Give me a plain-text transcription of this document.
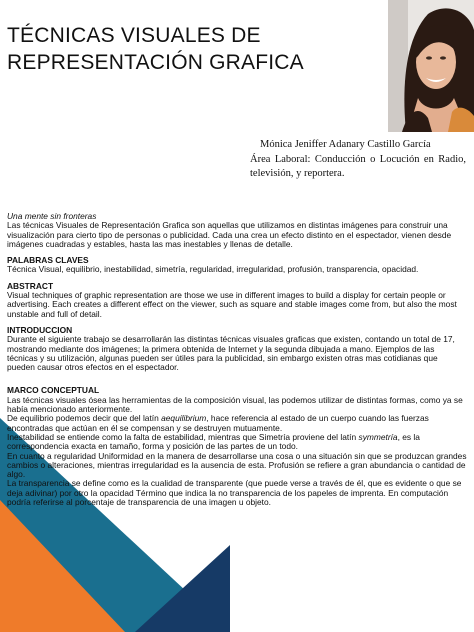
TÉCNICAS VISUALES DE
REPRESENTACIÓN GRAFICA
Mónica Jeniffer Adanary Castillo García
Área Laboral: Conducción o Locución en Radio, televisión, y reportera.

Una mente sin fronteras

Las técnicas Visuales de Representación Grafica son aquellas que utilizamos en distintas imágenes para construir una visualización para cierto tipo de personas o publicidad. Cada una crea un efecto distinto en el espectador, vienen desde imágenes cuadradas y estables, hasta las mas inestables y llenas de detalle.

PALABRAS CLAVES

Técnica Visual, equilibrio, inestabilidad, simetría, regularidad, irregularidad, profusión, transparencia, opacidad.

ABSTRACT

Visual techniques of graphic representation are those we use in different images to build a display for certain people or advertising. Each creates a different effect on the viewer, such as square and stable images come from, but also the most unstable and full of detail.

INTRODUCCION

Durante el siguiente trabajo se desarrollarán las distintas técnicas visuales graficas que existen, contando un total de 17, mostrando mediante dos imágenes; la primera obtenida de Internet y la segunda dibujada a mano. Ejemplos de las técnicas y su utilización, algunas pueden ser útiles para la publicidad, sin embargo existen otras mas cotidianas que pueden causar otros efectos en el espectador.

MARCO CONCEPTUAL

Las técnicas visuales ósea las herramientas de la composición visual, las podemos utilizar de distintas formas, como ya se había mencionado anteriormente.

De equilibrio podemos decir que del latín aequilibrium, hace referencia al estado de un cuerpo cuando las fuerzas encontradas que actúan en él se compensan y se destruyen mutuamente.

Inestabilidad se entiende como la falta de estabilidad, mientras que Simetría proviene del latín symmetría, es la correspondencia exacta en tamaño, forma y posición de las partes de un todo.

En cuanto a regularidad Uniformidad en la manera de desarrollarse una cosa o una situación sin que se produzcan grandes cambios o alteraciones, mientras irregularidad es la ausencia de esta. Profusión se refiere a gran abundancia o cantidad de algo.

La transparencia se define como es la cualidad de transparente (que puede verse a través de él, que es evidente o que se deja adivinar) por otro la opacidad Término que indica la no transparencia de los papeles de imprenta. En computación podría referirse al porcentaje de transparencia de una imagen u objeto.
